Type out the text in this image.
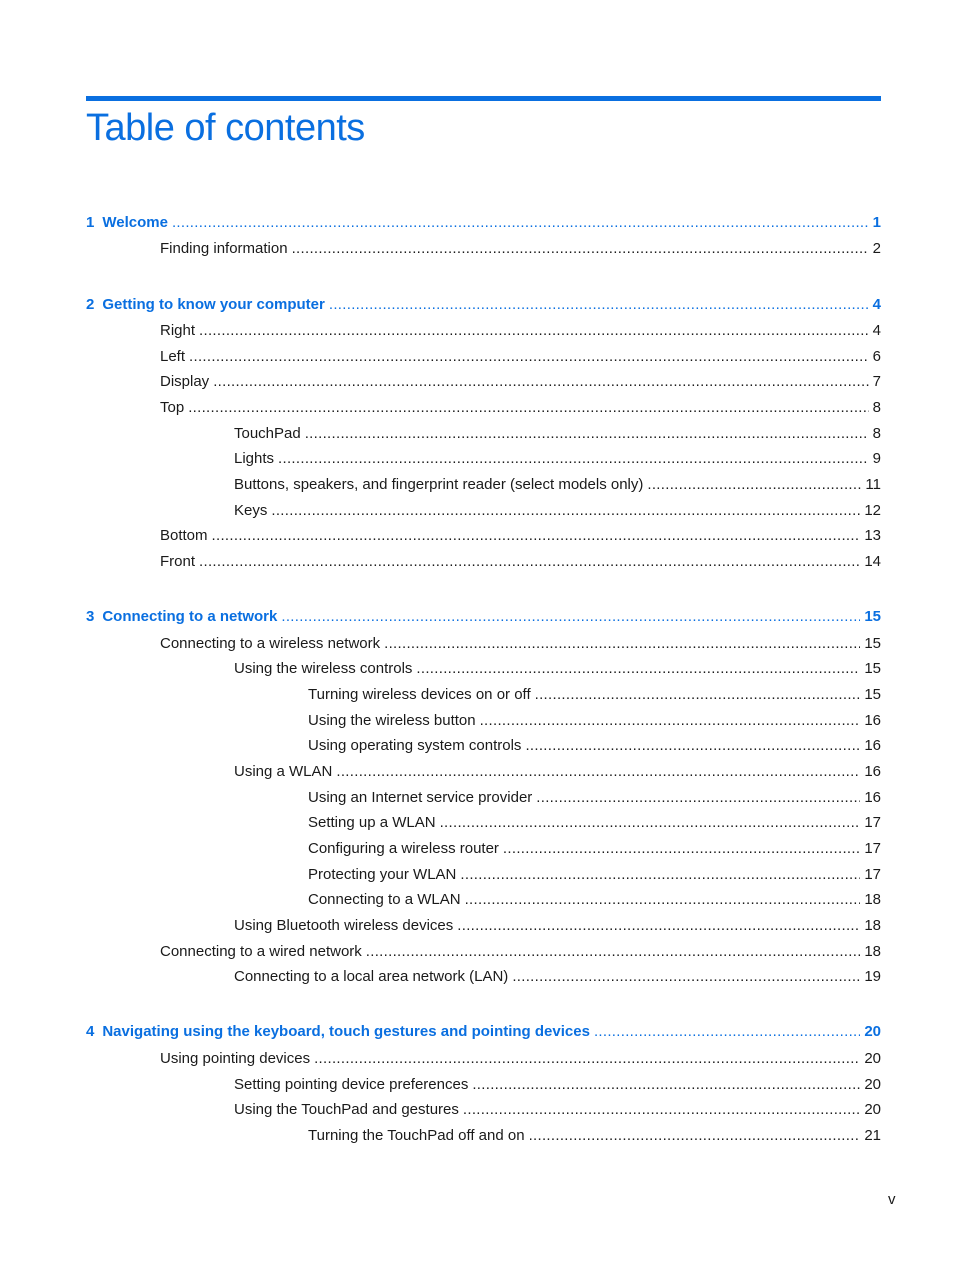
Table of contents
1 Welcome .....	1
Finding information .....	2
2 Getting to know your computer .....	4
Right .....	4
Left .....	6
Display .....	7
Top .....	8
TouchPad .....	8
Lights .....	9
Buttons, speakers, and fingerprint reader (select models only) .....	11
Keys .....	12
Bottom .....	13
Front .....	14
3 Connecting to a network .....	15
Connecting to a wireless network .....	15
Using the wireless controls .....	15
Turning wireless devices on or off .....	15
Using the wireless button .....	16
Using operating system controls .....	16
Using a WLAN .....	16
Using an Internet service provider .....	16
Setting up a WLAN .....	17
Configuring a wireless router .....	17
Protecting your WLAN .....	17
Connecting to a WLAN .....	18
Using Bluetooth wireless devices .....	18
Connecting to a wired network .....	18
Connecting to a local area network (LAN) .....	19
4 Navigating using the keyboard, touch gestures and pointing devices .....	20
Using pointing devices .....	20
Setting pointing device preferences .....	20
Using the TouchPad and gestures .....	20
Turning the TouchPad off and on .....	21
v
